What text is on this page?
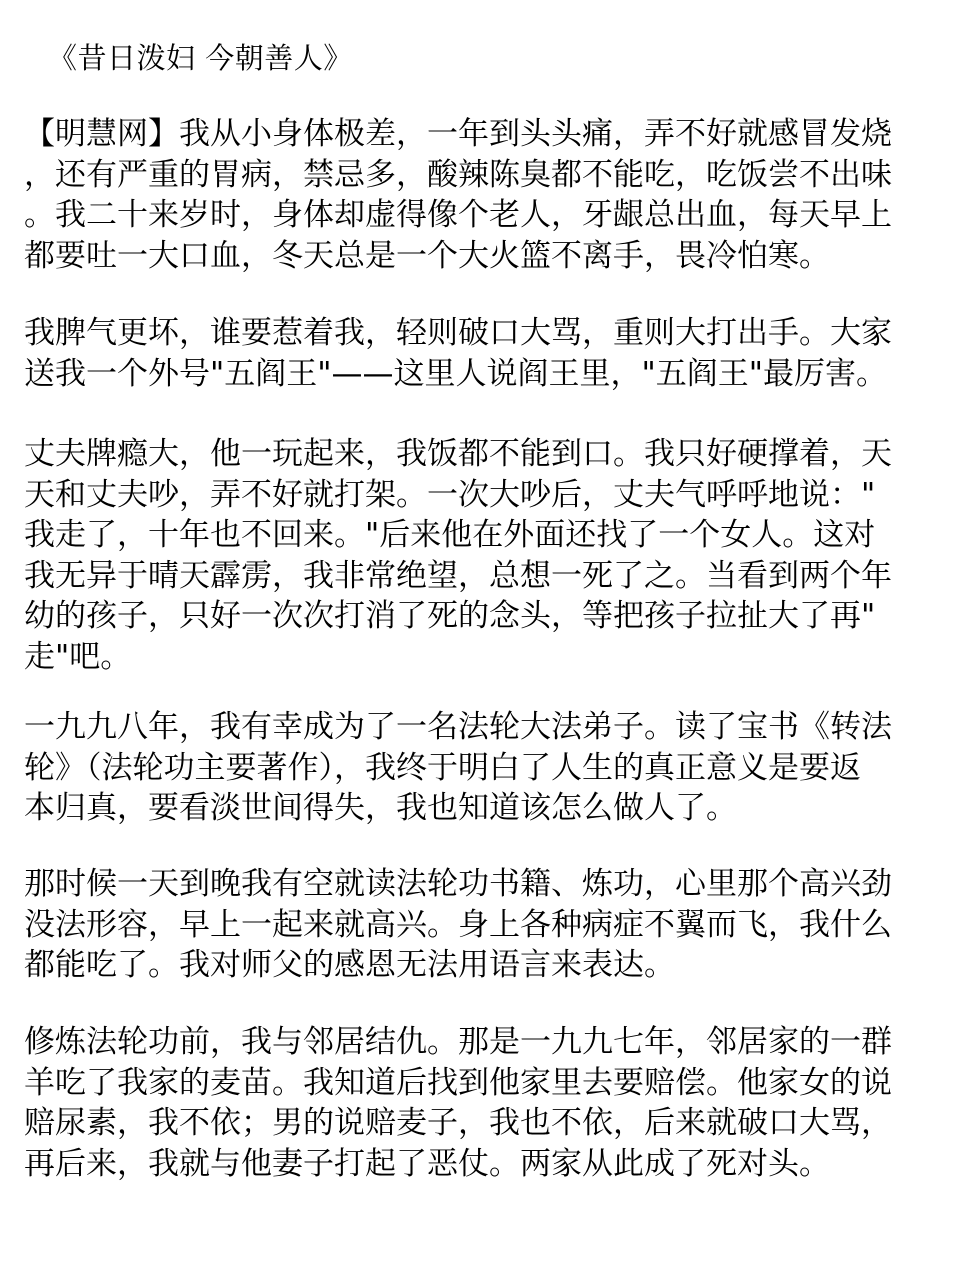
《昔日泼妇 今朝善人》
【明慧网】我从小身体极差，一年到头头痛，弄不好就感冒发烧
，还有严重的胃病，禁忌多，酸辣陈臭都不能吃，吃饭尝不出味
。我二十来岁时，身体却虚得像个老人，牙龈总出血，每天早上
都要吐一大口血，冬天总是一个大火篮不离手，畏冷怕寒。
我脾气更坏，谁要惹着我，轻则破口大骂，重则大打出手。大家
送我一个外号"五阎王"——这里人说阎王里，"五阎王"最厉害。
丈夫牌瘾大，他一玩起来，我饭都不能到口。我只好硬撑着，天
天和丈夫吵，弄不好就打架。一次大吵后，丈夫气呼呼地说："
我走了，十年也不回来。"后来他在外面还找了一个女人。这对
我无异于晴天霹雳，我非常绝望，总想一死了之。当看到两个年
幼的孩子，只好一次次打消了死的念头，等把孩子拉扯大了再"
走"吧。
一九九八年，我有幸成为了一名法轮大法弟子。读了宝书《转法
轮》（法轮功主要著作），我终于明白了人生的真正意义是要返
本归真，要看淡世间得失，我也知道该怎么做人了。
那时候一天到晚我有空就读法轮功书籍、炼功，心里那个高兴劲
没法形容，早上一起来就高兴。身上各种病症不翼而飞，我什么
都能吃了。我对师父的感恩无法用语言来表达。
修炼法轮功前，我与邻居结仇。那是一九九七年，邻居家的一群
羊吃了我家的麦苗。我知道后找到他家里去要赔偿。他家女的说
赔尿素，我不依；男的说赔麦子，我也不依，后来就破口大骂，
再后来，我就与他妻子打起了恶仗。两家从此成了死对头。
